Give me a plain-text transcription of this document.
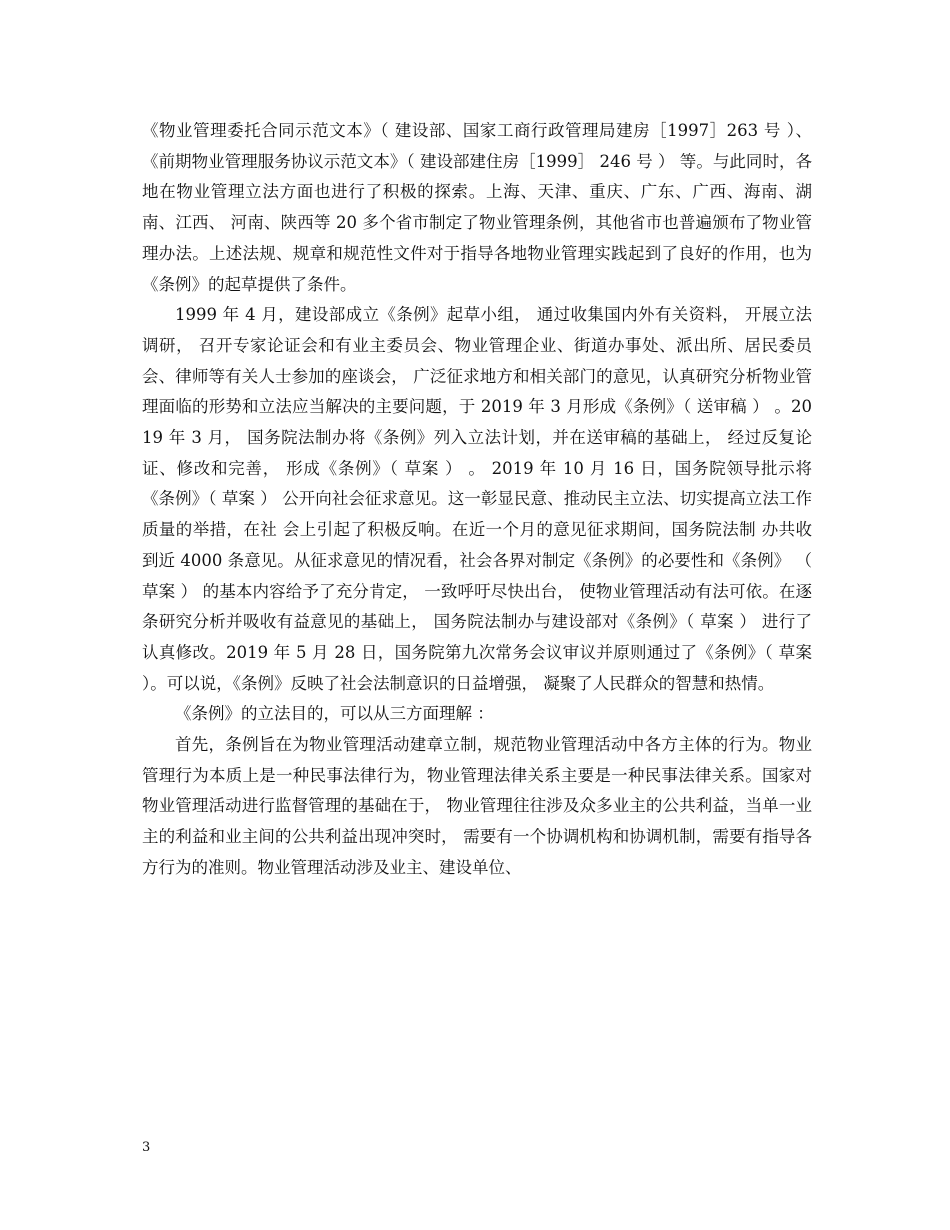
《物业管理委托合同示范文本》（ 建设部、国家工商行政管理局建房［1997］263 号 ）、《前期物业管理服务协议示范文本》（ 建设部建住房［1999］ 246 号 ） 等。与此同时，各地在物业管理立法方面也进行了积极的探索。上海、天津、重庆、广东、广西、海南、湖南、江西、 河南、陕西等 20 多个省市制定了物业管理条例，其他省市也普遍颁布了物业管理办法。上述法规、规章和规范性文件对于指导各地物业管理实践起到了良好的作用，也为《条例》的起草提供了条件。

1999 年 4 月，建设部成立《条例》起草小组， 通过收集国内外有关资料， 开展立法调研， 召开专家论证会和有业主委员会、物业管理企业、街道办事处、派出所、居民委员会、律师等有关人士参加的座谈会， 广泛征求地方和相关部门的意见，认真研究分析物业管理面临的形势和立法应当解决的主要问题，于 2019 年 3 月形成《条例》（ 送审稿 ） 。2019 年 3 月， 国务院法制办将《条例》列入立法计划，并在送审稿的基础上， 经过反复论证、修改和完善， 形成《条例》（ 草案 ） 。 2019 年 10 月 16 日，国务院领导批示将《条例》（ 草案 ） 公开向社会征求意见。这一彰显民意、推动民主立法、切实提高立法工作质量的举措，在社 会上引起了积极反响。在近一个月的意见征求期间，国务院法制 办共收到近 4000 条意见。从征求意见的情况看，社会各界对制定《条例》的必要性和《条例》 （ 草案 ） 的基本内容给予了充分肯定， 一致呼吁尽快出台， 使物业管理活动有法可依。在逐条研究分析并吸收有益意见的基础上， 国务院法制办与建设部对《条例》（ 草案 ） 进行了认真修改。2019 年 5 月 28 日，国务院第九次常务会议审议并原则通过了《条例》（ 草案 ）。可以说，《条例》反映了社会法制意识的日益增强， 凝聚了人民群众的智慧和热情。

《条例》的立法目的，可以从三方面理解 ：

首先，条例旨在为物业管理活动建章立制，规范物业管理活动中各方主体的行为。物业管理行为本质上是一种民事法律行为，物业管理法律关系主要是一种民事法律关系。国家对物业管理活动进行监督管理的基础在于， 物业管理往往涉及众多业主的公共利益，当单一业主的利益和业主间的公共利益出现冲突时， 需要有一个协调机构和协调机制，需要有指导各方行为的准则。物业管理活动涉及业主、建设单位、

3
